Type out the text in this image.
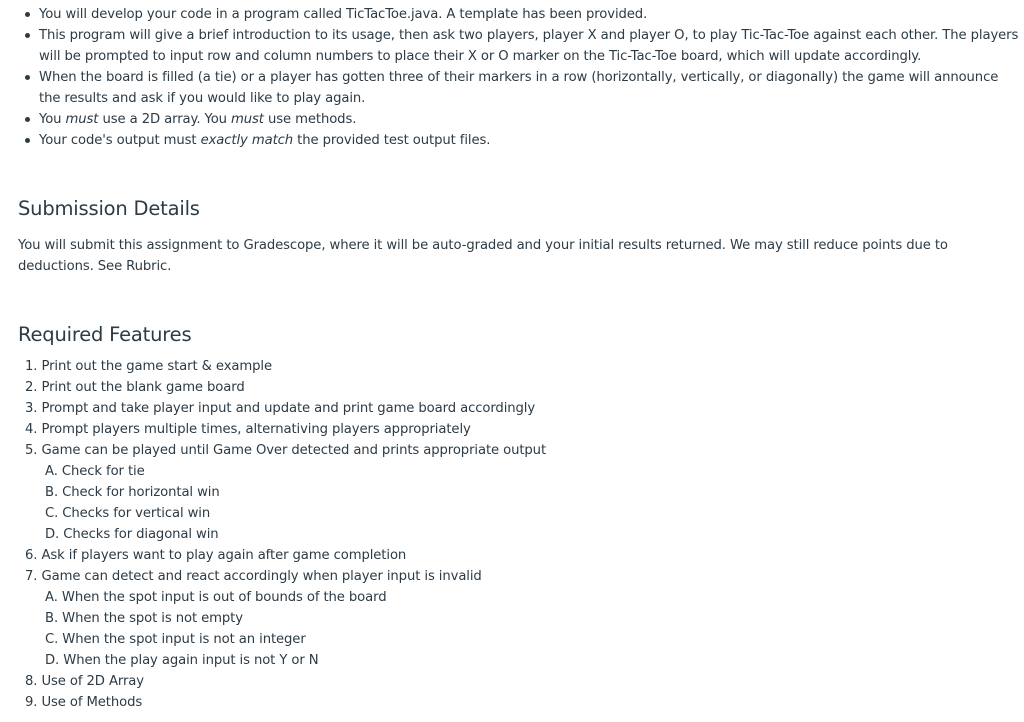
You will develop your code in a program called TicTacToe.java. A template has been provided.
This program will give a brief introduction to its usage, then ask two players, player X and player O, to play Tic-Tac-Toe against each other. The players will be prompted to input row and column numbers to place their X or O marker on the Tic-Tac-Toe board, which will update accordingly.
When the board is filled (a tie) or a player has gotten three of their markers in a row (horizontally, vertically, or diagonally) the game will announce the results and ask if you would like to play again.
You must use a 2D array. You must use methods.
Your code's output must exactly match the provided test output files.
Submission Details

You will submit this assignment to Gradescope, where it will be auto-graded and your initial results returned. We may still reduce points due to deductions. See Rubric.

Required Features
1. Print out the game start & example
2. Print out the blank game board
3. Prompt and take player input and update and print game board accordingly
4. Prompt players multiple times, alternativing players appropriately
5. Game can be played until Game Over detected and prints appropriate output
A. Check for tie
B. Check for horizontal win
C. Checks for vertical win
D. Checks for diagonal win
6. Ask if players want to play again after game completion
7. Game can detect and react accordingly when player input is invalid
A. When the spot input is out of bounds of the board
B. When the spot is not empty
C. When the spot input is not an integer
D. When the play again input is not Y or N
8. Use of 2D Array
9. Use of Methods
